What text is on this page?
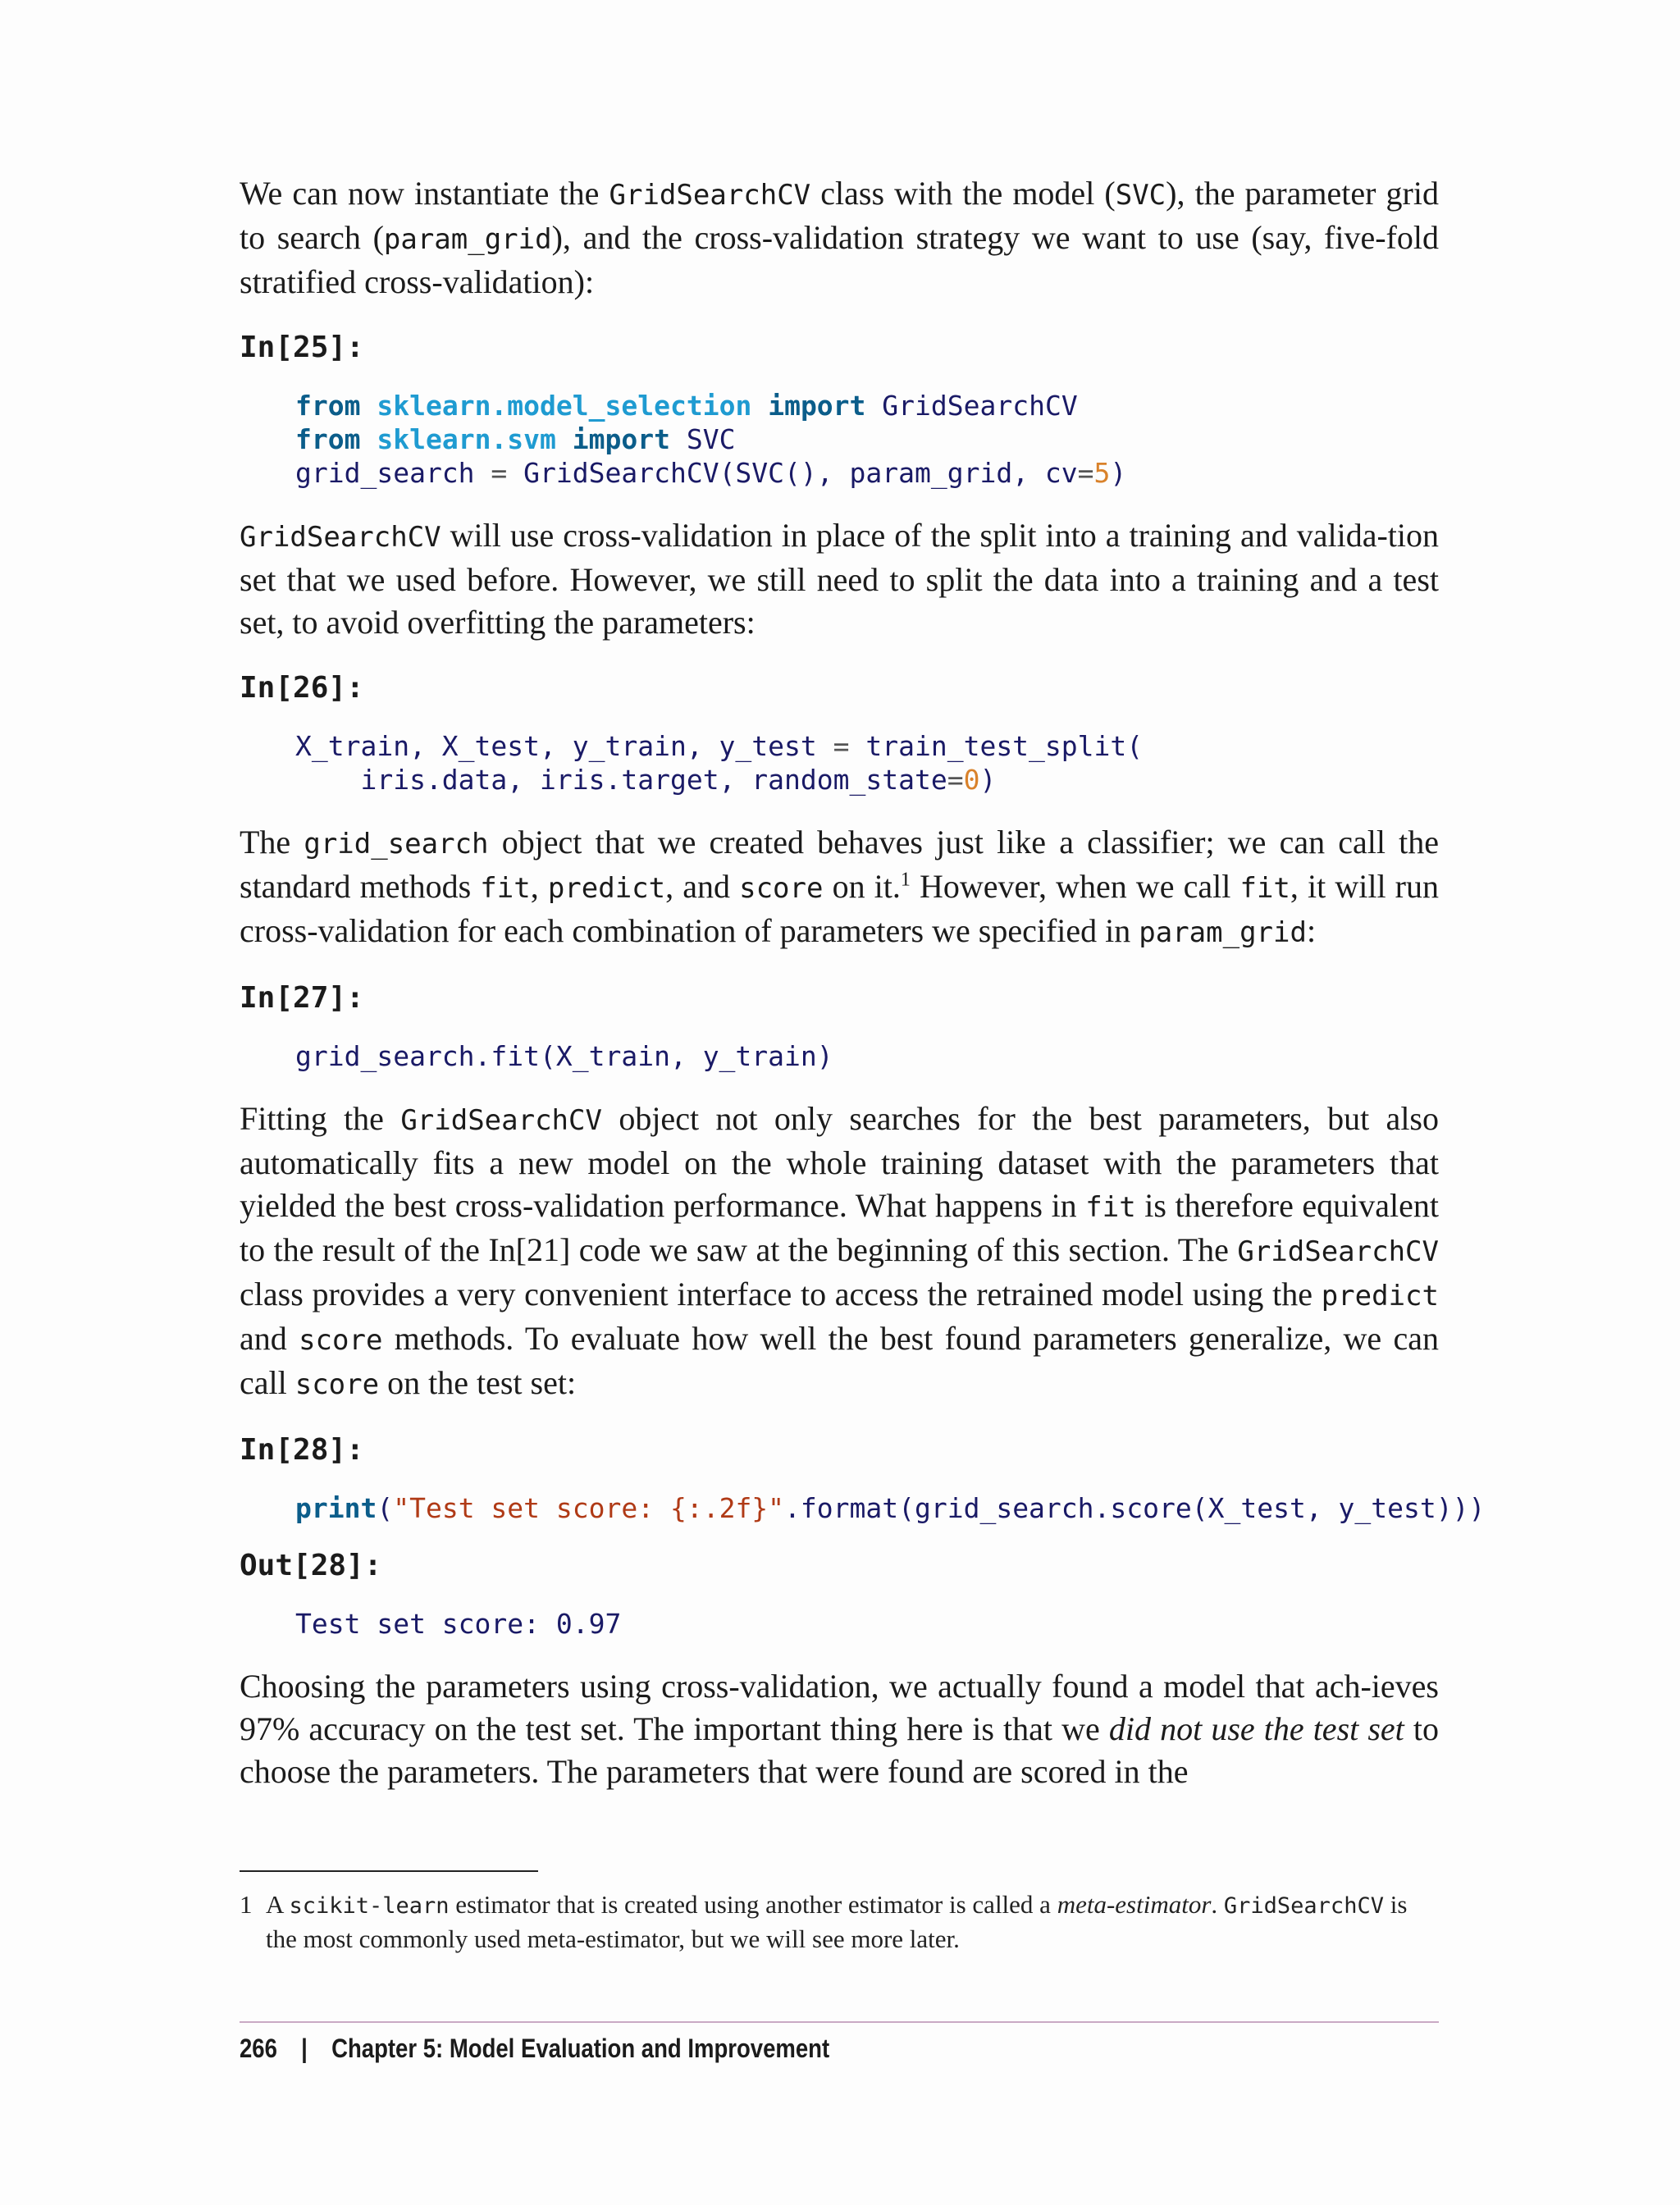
We can now instantiate the GridSearchCV class with the model (SVC), the parameter grid to search (param_grid), and the cross-validation strategy we want to use (say, five-fold stratified cross-validation):

In[25]:

from sklearn.model_selection import GridSearchCV
from sklearn.svm import SVC
grid_search = GridSearchCV(SVC(), param_grid, cv=5)

GridSearchCV will use cross-validation in place of the split into a training and valida-tion set that we used before. However, we still need to split the data into a training and a test set, to avoid overfitting the parameters:

In[26]:

X_train, X_test, y_train, y_test = train_test_split(
iris.data, iris.target, random_state=0)

The grid_search object that we created behaves just like a classifier; we can call the standard methods fit, predict, and score on it.$^1$ However, when we call fit, it will run cross-validation for each combination of parameters we specified in param_grid:

In[27]:

grid_search.fit(X_train, y_train)

Fitting the GridSearchCV object not only searches for the best parameters, but also automatically fits a new model on the whole training dataset with the parameters that yielded the best cross-validation performance. What happens in fit is therefore equivalent to the result of the In[21] code we saw at the beginning of this section. The GridSearchCV class provides a very convenient interface to access the retrained model using the predict and score methods. To evaluate how well the best found parameters generalize, we can call score on the test set:

In[28]:

print("Test set score: {:.2f}".format(grid_search.score(X_test, y_test)))

Out[28]:

Test set score: 0.97

Choosing the parameters using cross-validation, we actually found a model that ach-ieves 97% accuracy on the test set. The important thing here is that we did not use the test set to choose the parameters. The parameters that were found are scored in the

1 A scikit-learn estimator that is created using another estimator is called a meta-estimator. GridSearchCV is
the most commonly used meta-estimator, but we will see more later.
266 | Chapter 5: Model Evaluation and Improvement
